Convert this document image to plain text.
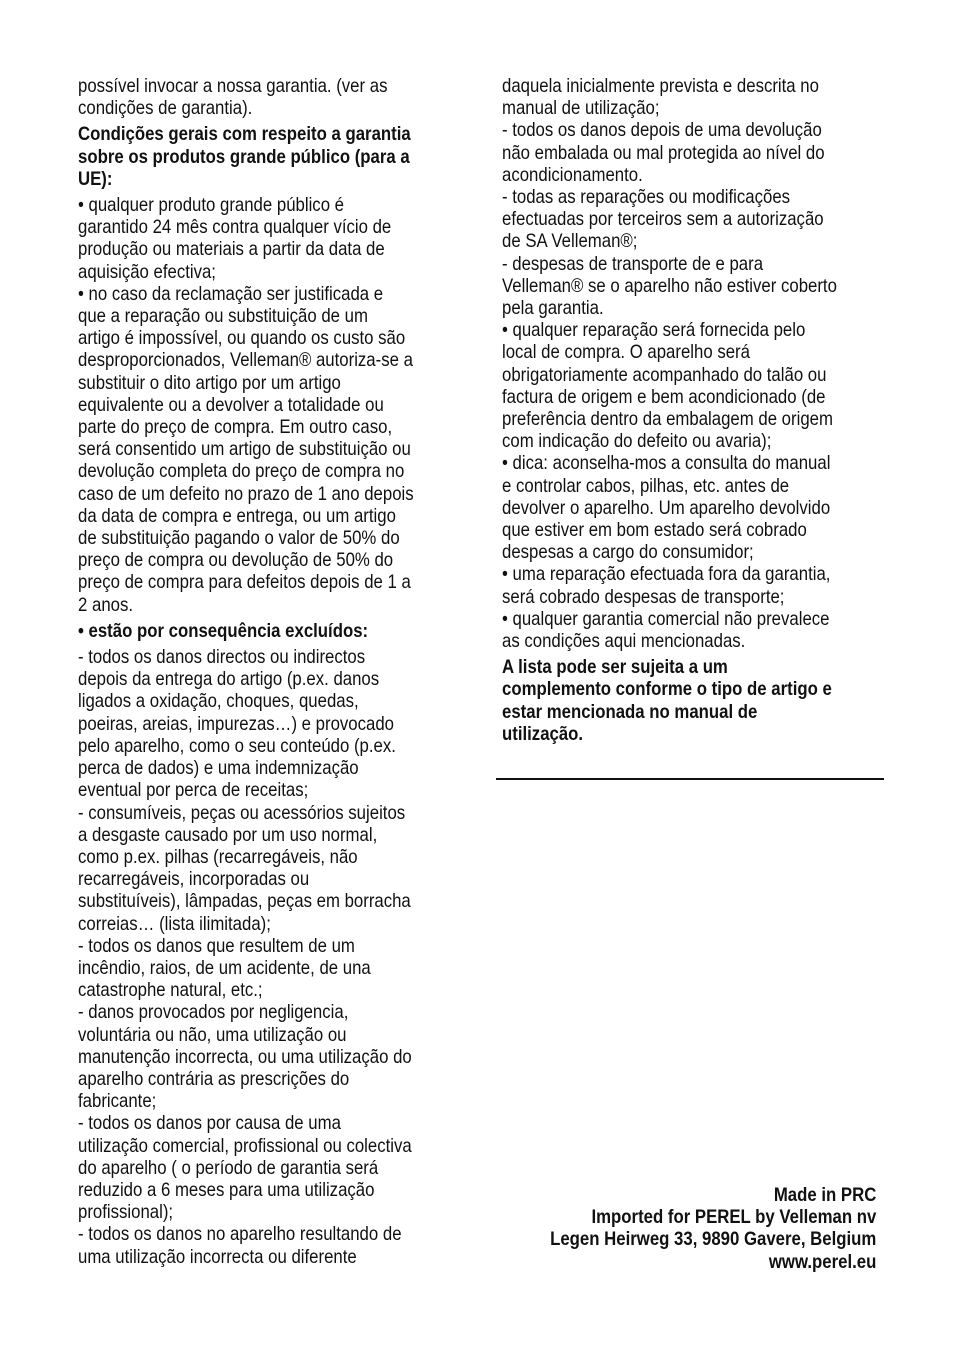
possível invocar a nossa garantia. (ver as
condições de garantia).

Condições gerais com respeito a garantia
sobre os produtos grande público (para a
UE):

• qualquer produto grande público é
garantido 24 mês contra qualquer vício de
produção ou materiais a partir da data de
aquisição efectiva;
• no caso da reclamação ser justificada e
que a reparação ou substituição de um
artigo é impossível, ou quando os custo são
desproporcionados, Velleman® autoriza-se a
substituir o dito artigo por um artigo
equivalente ou a devolver a totalidade ou
parte do preço de compra. Em outro caso,
será consentido um artigo de substituição ou
devolução completa do preço de compra no
caso de um defeito no prazo de 1 ano depois
da data de compra e entrega, ou um artigo
de substituição pagando o valor de 50% do
preço de compra ou devolução de 50% do
preço de compra para defeitos depois de 1 a
2 anos.

• estão por consequência excluídos:

- todos os danos directos ou indirectos
depois da entrega do artigo (p.ex. danos
ligados a oxidação, choques, quedas,
poeiras, areias, impurezas…) e provocado
pelo aparelho, como o seu conteúdo (p.ex.
perca de dados) e uma indemnização
eventual por perca de receitas;
- consumíveis, peças ou acessórios sujeitos
a desgaste causado por um uso normal,
como p.ex. pilhas (recarregáveis, não
recarregáveis, incorporadas ou
substituíveis), lâmpadas, peças em borracha
correias… (lista ilimitada);
- todos os danos que resultem de um
incêndio, raios, de um acidente, de una
catastrophe natural, etc.;
- danos provocados por negligencia,
voluntária ou não, uma utilização ou
manutenção incorrecta, ou uma utilização do
aparelho contrária as prescrições do
fabricante;
- todos os danos por causa de uma
utilização comercial, profissional ou colectiva
do aparelho ( o período de garantia será
reduzido a 6 meses para uma utilização
profissional);
- todos os danos no aparelho resultando de
uma utilização incorrecta ou diferente

daquela inicialmente prevista e descrita no
manual de utilização;
- todos os danos depois de uma devolução
não embalada ou mal protegida ao nível do
acondicionamento.
- todas as reparações ou modificações
efectuadas por terceiros sem a autorização
de SA Velleman®;
- despesas de transporte de e para
Velleman® se o aparelho não estiver coberto
pela garantia.
• qualquer reparação será fornecida pelo
local de compra. O aparelho será
obrigatoriamente acompanhado do talão ou
factura de origem e bem acondicionado (de
preferência dentro da embalagem de origem
com indicação do defeito ou avaria);
• dica: aconselha-mos a consulta do manual
e controlar cabos, pilhas, etc. antes de
devolver o aparelho. Um aparelho devolvido
que estiver em bom estado será cobrado
despesas a cargo do consumidor;
• uma reparação efectuada fora da garantia,
será cobrado despesas de transporte;
• qualquer garantia comercial não prevalece
as condições aqui mencionadas.

A lista pode ser sujeita a um
complemento conforme o tipo de artigo e
estar mencionada no manual de
utilização.

Made in PRC
Imported for PEREL by Velleman nv
Legen Heirweg 33, 9890 Gavere, Belgium
www.perel.eu
